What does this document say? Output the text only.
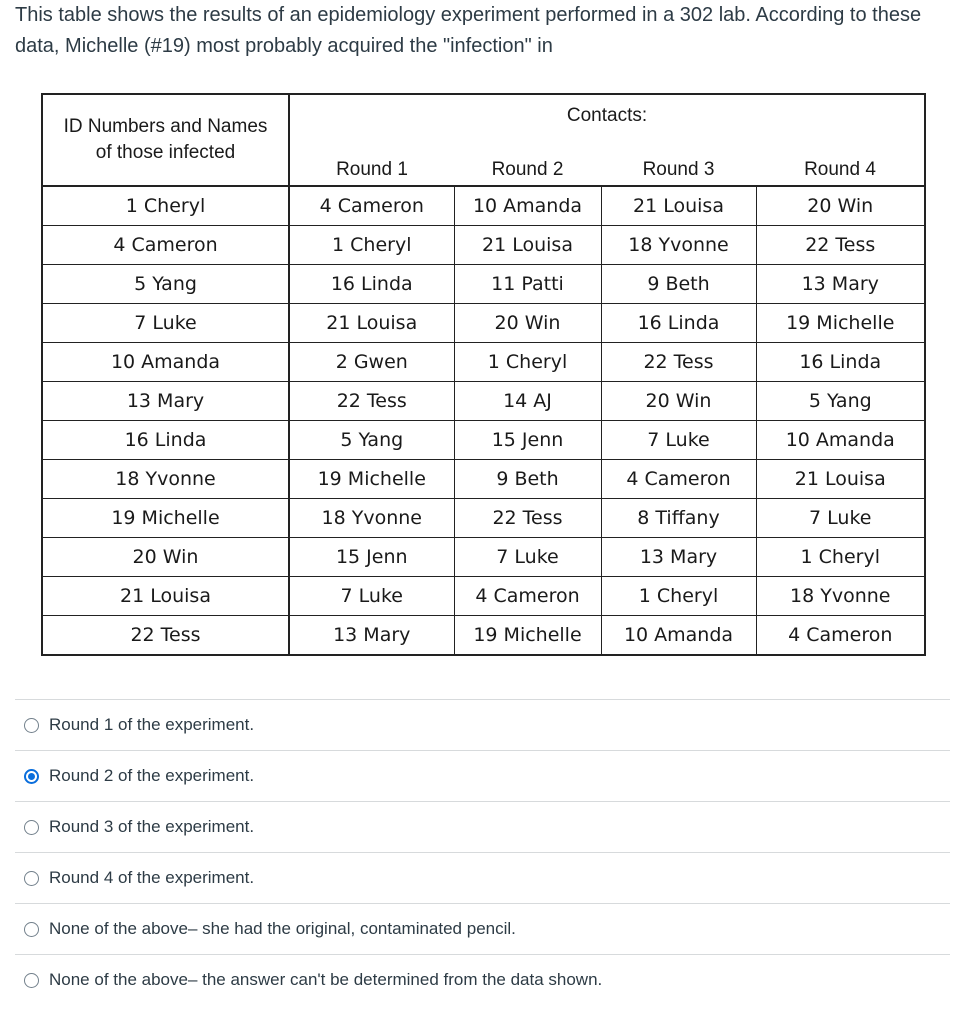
This table shows the results of an epidemiology experiment performed in a 302 lab. According to these data, Michelle (#19) most probably acquired the "infection" in
ID Numbers and Names
of those infected	Contacts:			
	Round 1	Round 2	Round 3	Round 4
1 Cheryl	4 Cameron	10 Amanda	21 Louisa	20 Win
4 Cameron	1 Cheryl	21 Louisa	18 Yvonne	22 Tess
5 Yang	16 Linda	11 Patti	9 Beth	13 Mary
7 Luke	21 Louisa	20 Win	16 Linda	19 Michelle
10 Amanda	2 Gwen	1 Cheryl	22 Tess	16 Linda
13 Mary	22 Tess	14 AJ	20 Win	5 Yang
16 Linda	5 Yang	15 Jenn	7 Luke	10 Amanda
18 Yvonne	19 Michelle	9 Beth	4 Cameron	21 Louisa
19 Michelle	18 Yvonne	22 Tess	8 Tiffany	7 Luke
20 Win	15 Jenn	7 Luke	13 Mary	1 Cheryl
21 Louisa	7 Luke	4 Cameron	1 Cheryl	18 Yvonne
22 Tess	13 Mary	19 Michelle	10 Amanda	4 Cameron
Round 1 of the experiment.
Round 2 of the experiment.
Round 3 of the experiment.
Round 4 of the experiment.
None of the above– she had the original, contaminated pencil.
None of the above– the answer can't be determined from the data shown.
